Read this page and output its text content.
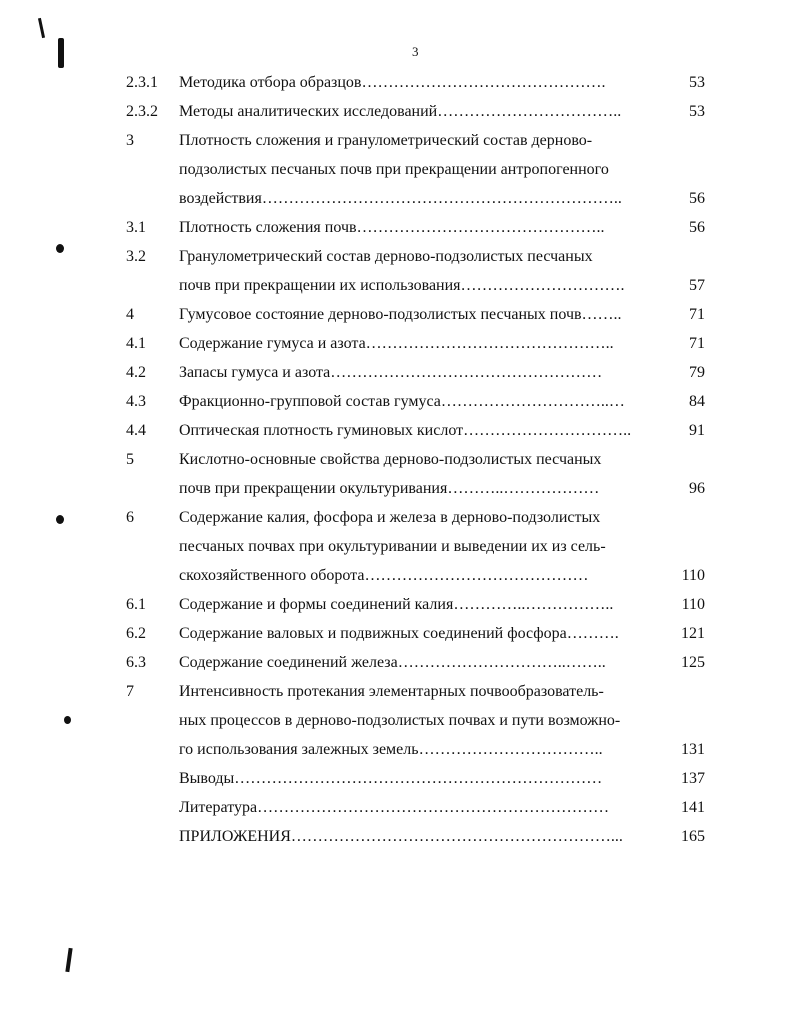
3
2.3.1 Методика отбора образцов……………………………………….	53
2.3.2 Методы аналитических исследований……………………………..	53
3	Плотность сложения и гранулометрический состав дерново-
подзолистых песчаных почв при прекращении антропогенного
воздействия…………………………………………………………..	56
3.1 Плотность сложения почв………………………………………..	56
3.2 Гранулометрический состав дерново-подзолистых песчаных
почв при прекращении их использования………………………….	57
4	Гумусовое состояние дерново-подзолистых песчаных почв……..	71
4.1 Содержание гумуса и азота………………………………………..	71
4.2 Запасы гумуса и азота……………………………………………	79
4.3 Фракционно-групповой состав гумуса…………………………..…	84
4.4 Оптическая плотность гуминовых кислот…………………………..	91
5	Кислотно-основные свойства дерново-подзолистых песчаных
почв при прекращении окультуривания………..………………	96
6	Содержание калия, фосфора и железа в дерново-подзолистых
песчаных почвах при окультуривании и выведении их из сель-
скохозяйственного оборота……………………………………	110
6.1 Содержание и формы соединений калия…………..……………..	110
6.2 Содержание валовых и подвижных соединений фосфора……….	121
6.3 Содержание соединений железа…………………………..……..	125
7	Интенсивность протекания элементарных почвообразователь-
ных процессов в дерново-подзолистых почвах и пути возможно-
го использования залежных земель……………………………..	131
Выводы……………………………………………………………	137
Литература…………………………………………………………	141
ПРИЛОЖЕНИЯ……………………………………………………...	165
